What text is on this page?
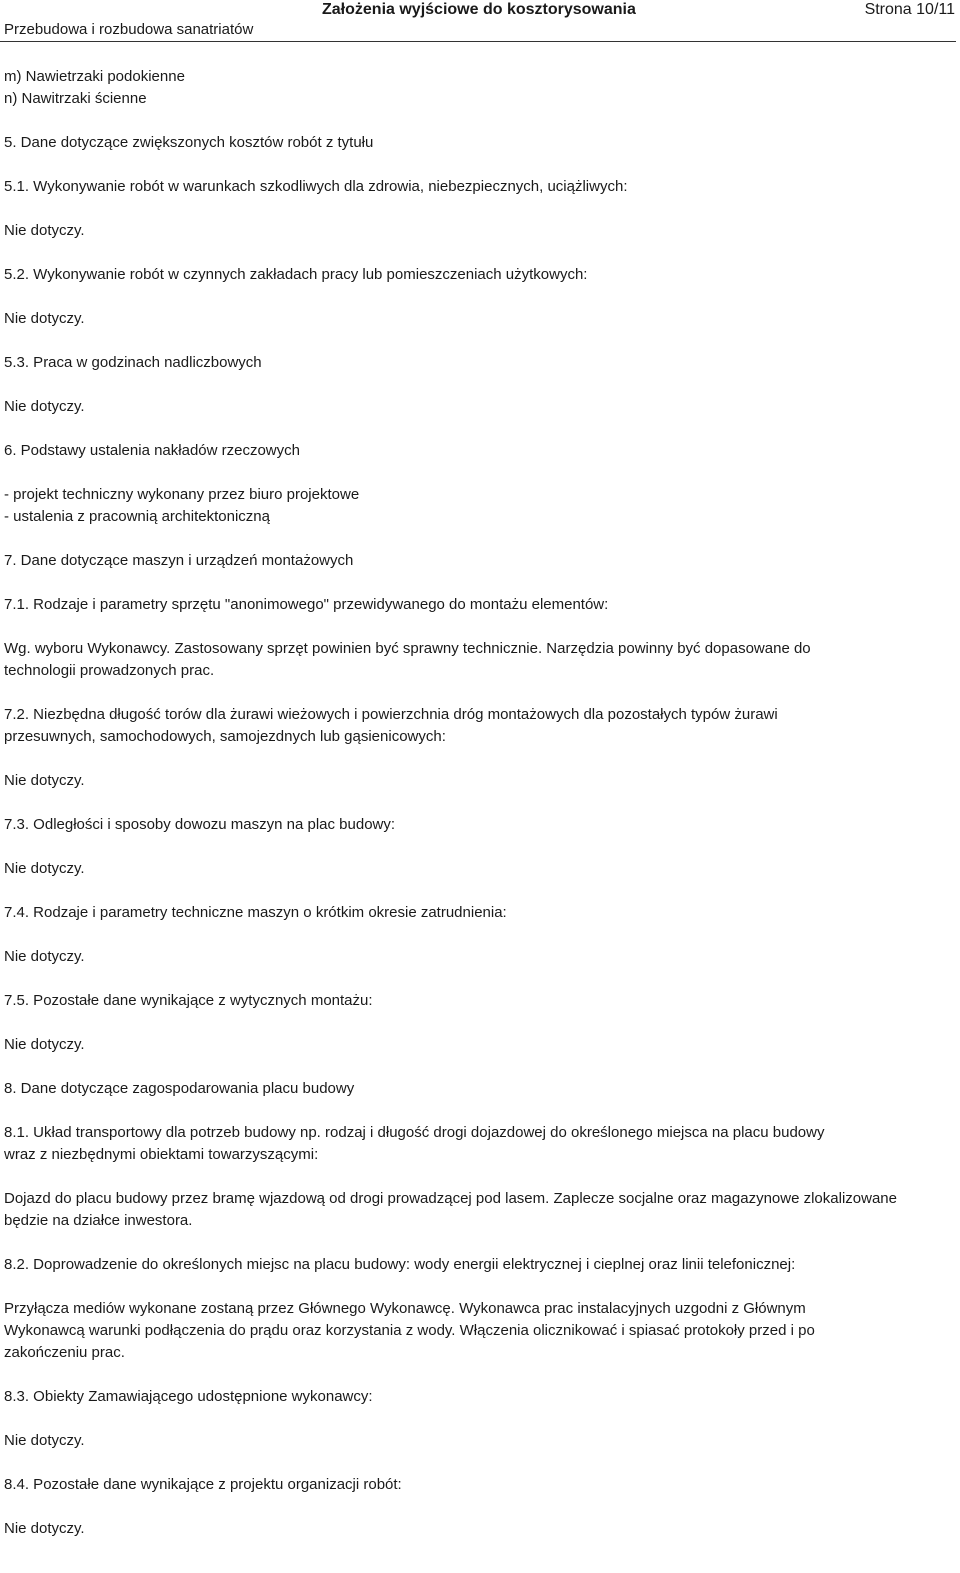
Przebudowa i rozbudowa sanatriatów
Założenia wyjściowe do kosztorysowania	Strona 10/11

m) Nawietrzaki podokienne
n) Nawitrzaki ścienne

5. Dane dotyczące zwiększonych kosztów robót z tytułu

5.1. Wykonywanie robót w warunkach szkodliwych dla zdrowia, niebezpiecznych, uciążliwych:

Nie dotyczy.

5.2. Wykonywanie robót w czynnych zakładach pracy lub pomieszczeniach użytkowych:

Nie dotyczy.

5.3. Praca w godzinach nadliczbowych

Nie dotyczy.

6. Podstawy ustalenia nakładów rzeczowych

- projekt techniczny wykonany przez biuro projektowe
- ustalenia z pracownią architektoniczną

7. Dane dotyczące maszyn i urządzeń montażowych

7.1. Rodzaje i parametry sprzętu "anonimowego" przewidywanego do montażu elementów:

Wg. wyboru Wykonawcy. Zastosowany sprzęt powinien być sprawny technicznie. Narzędzia powinny być dopasowane do
technologii prowadzonych prac.

7.2. Niezbędna długość torów dla żurawi wieżowych i powierzchnia dróg montażowych dla pozostałych typów żurawi
przesuwnych, samochodowych, samojezdnych lub gąsienicowych:

Nie dotyczy.

7.3. Odległości i sposoby dowozu maszyn na plac budowy:

Nie dotyczy.

7.4. Rodzaje i parametry techniczne maszyn o krótkim okresie zatrudnienia:

Nie dotyczy.

7.5. Pozostałe dane wynikające z wytycznych montażu:

Nie dotyczy.

8. Dane dotyczące zagospodarowania placu budowy

8.1. Układ transportowy dla potrzeb budowy np. rodzaj i długość drogi dojazdowej do określonego miejsca na placu budowy
wraz z niezbędnymi obiektami towarzyszącymi:

Dojazd do placu budowy przez bramę wjazdową od drogi prowadzącej pod lasem. Zaplecze socjalne oraz magazynowe zlokalizowane
będzie na działce inwestora.

8.2. Doprowadzenie do określonych miejsc na placu budowy: wody energii elektrycznej i cieplnej oraz linii telefonicznej:

Przyłącza mediów wykonane zostaną przez Głównego Wykonawcę. Wykonawca prac instalacyjnych uzgodni z Głównym
Wykonawcą warunki podłączenia do prądu oraz korzystania z wody. Włączenia olicznikować i spiasać protokoły przed i po
zakończeniu prac.

8.3. Obiekty Zamawiającego udostępnione wykonawcy:

Nie dotyczy.

8.4. Pozostałe dane wynikające z projektu organizacji robót:

Nie dotyczy.
